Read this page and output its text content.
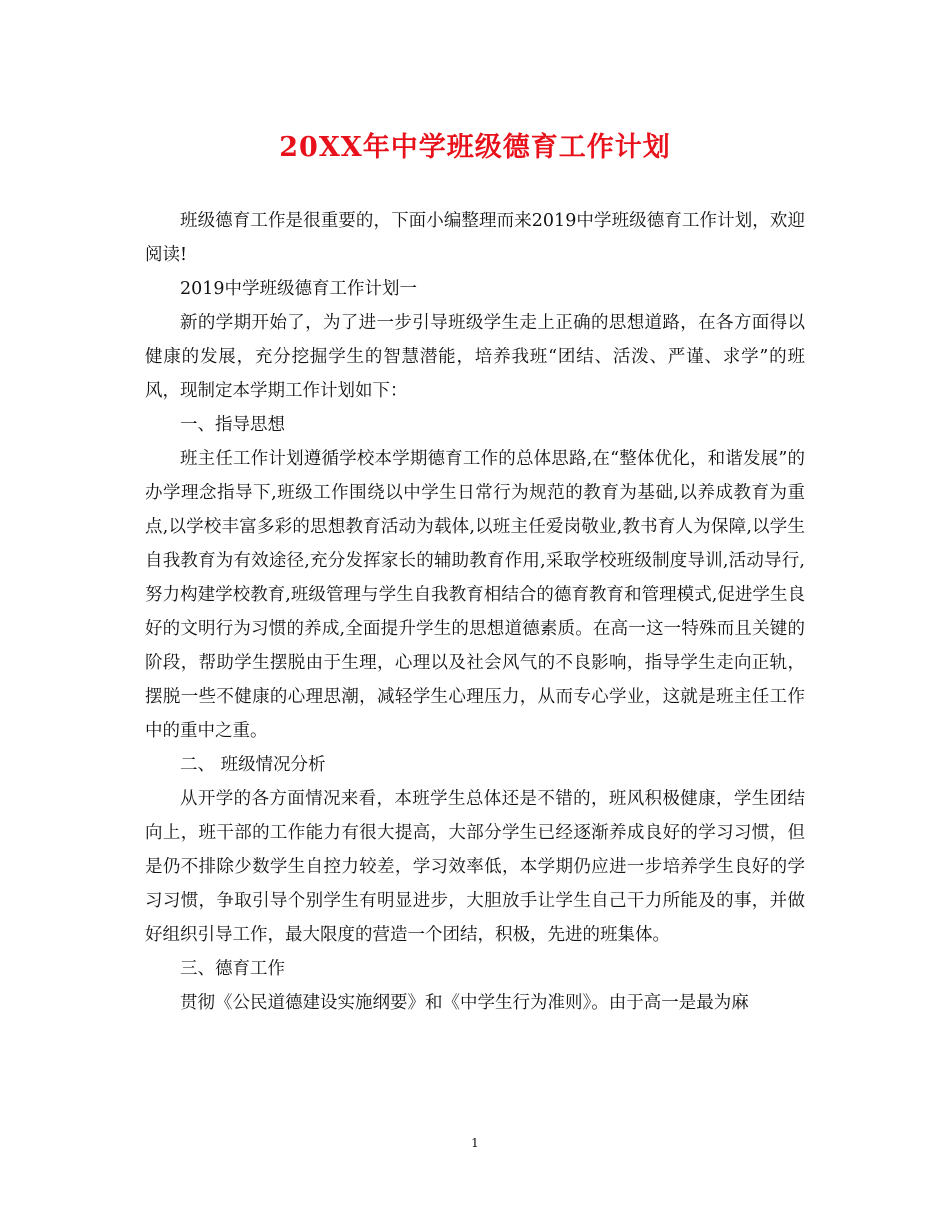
20XX年中学班级德育工作计划

班级德育工作是很重要的，下面小编整理而来2019中学班级德育工作计划，欢迎阅读!

2019中学班级德育工作计划一

新的学期开始了，为了进一步引导班级学生走上正确的思想道路，在各方面得以健康的发展，充分挖掘学生的智慧潜能，培养我班“团结、活泼、严谨、求学”的班风，现制定本学期工作计划如下：

一、指导思想

班主任工作计划遵循学校本学期德育工作的总体思路,在“整体优化，和谐发展”的办学理念指导下,班级工作围绕以中学生日常行为规范的教育为基础,以养成教育为重点,以学校丰富多彩的思想教育活动为载体,以班主任爱岗敬业,教书育人为保障,以学生自我教育为有效途径,充分发挥家长的辅助教育作用,采取学校班级制度导训,活动导行,努力构建学校教育,班级管理与学生自我教育相结合的德育教育和管理模式,促进学生良好的文明行为习惯的养成,全面提升学生的思想道德素质。在高一这一特殊而且关键的阶段，帮助学生摆脱由于生理，心理以及社会风气的不良影响，指导学生走向正轨，摆脱一些不健康的心理思潮，减轻学生心理压力，从而专心学业，这就是班主任工作中的重中之重。

二、 班级情况分析

从开学的各方面情况来看，本班学生总体还是不错的，班风积极健康，学生团结向上，班干部的工作能力有很大提高，大部分学生已经逐渐养成良好的学习习惯，但是仍不排除少数学生自控力较差，学习效率低，本学期仍应进一步培养学生良好的学习习惯，争取引导个别学生有明显进步，大胆放手让学生自己干力所能及的事，并做好组织引导工作，最大限度的营造一个团结，积极，先进的班集体。

三、德育工作

贯彻《公民道德建设实施纲要》和《中学生行为准则》。由于高一是最为麻

1
